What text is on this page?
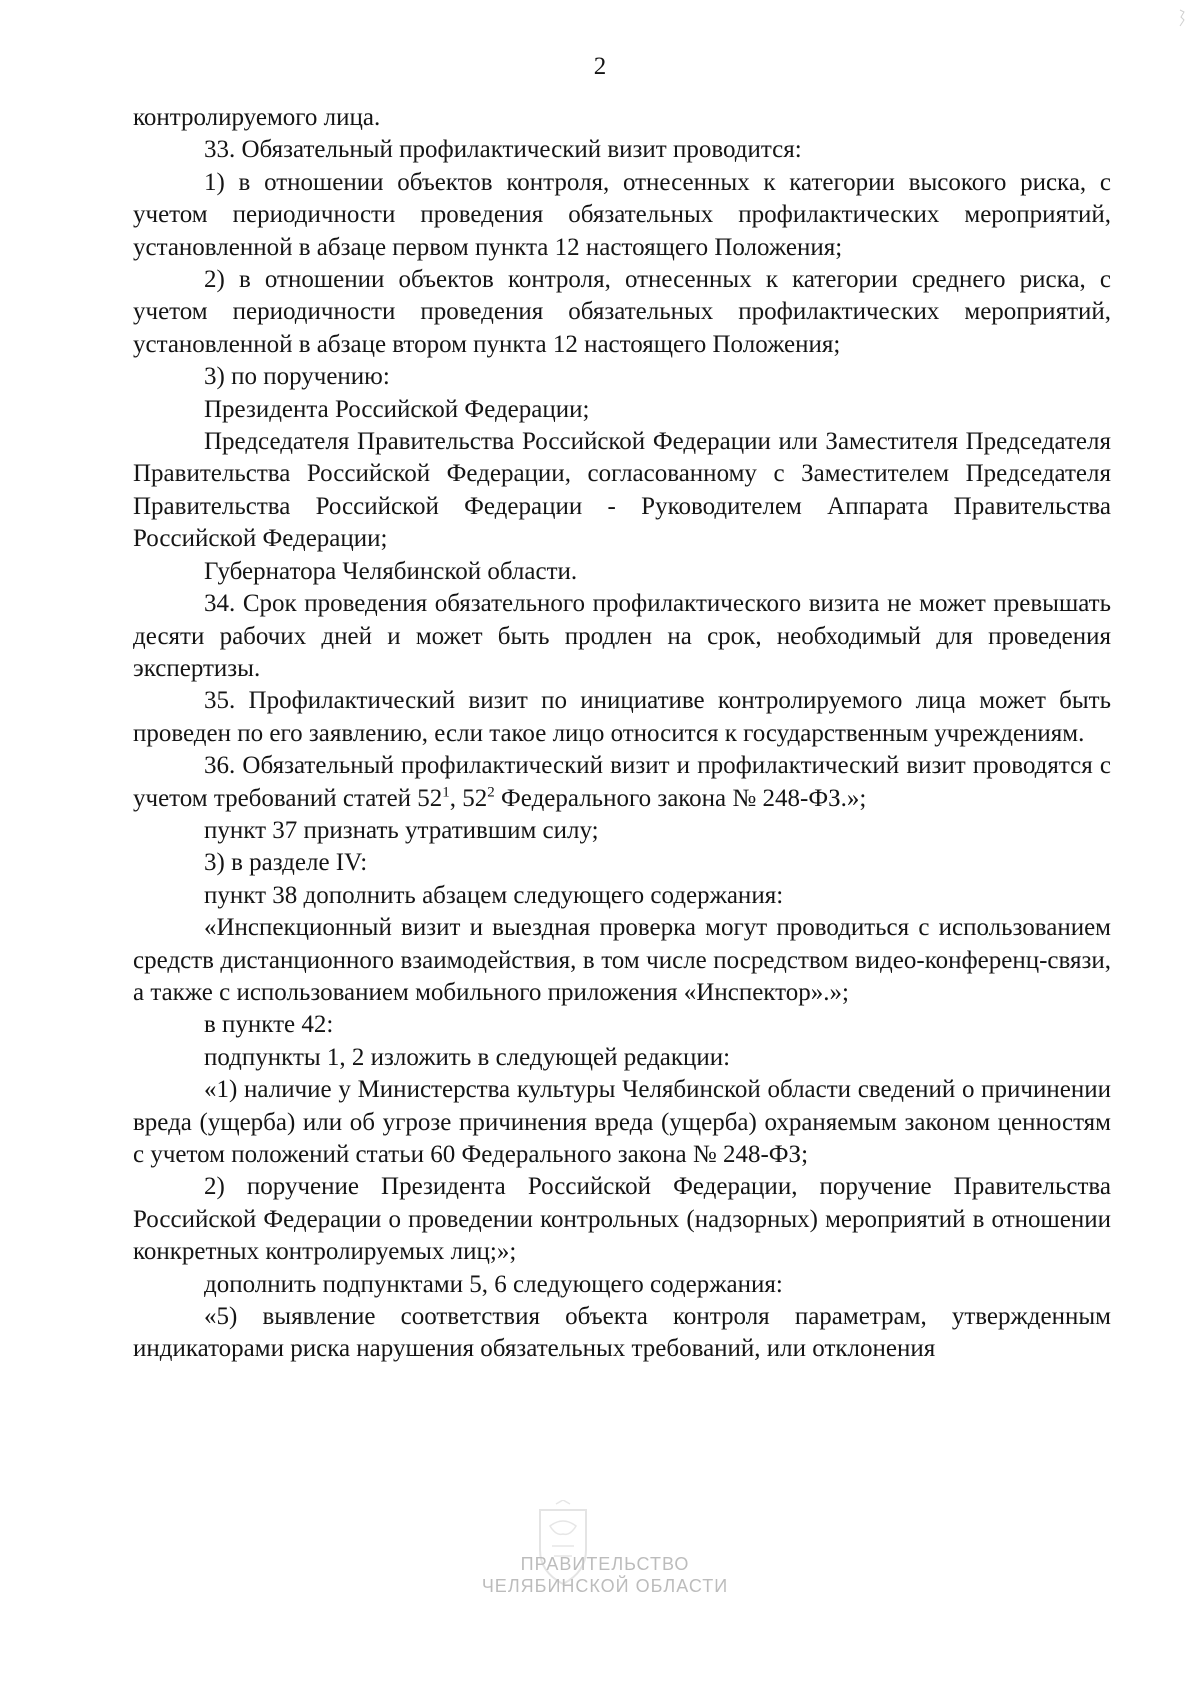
2

контролируемого лица.

33. Обязательный профилактический визит проводится:

1) в отношении объектов контроля, отнесенных к категории высокого риска, с учетом периодичности проведения обязательных профилактических мероприятий, установленной в абзаце первом пункта 12 настоящего Положения;

2) в отношении объектов контроля, отнесенных к категории среднего риска, с учетом периодичности проведения обязательных профилактических мероприятий, установленной в абзаце втором пункта 12 настоящего Положения;

3) по поручению:

Президента Российской Федерации;

Председателя Правительства Российской Федерации или Заместителя Председателя Правительства Российской Федерации, согласованному с Заместителем Председателя Правительства Российской Федерации - Руководителем Аппарата Правительства Российской Федерации;

Губернатора Челябинской области.

34. Срок проведения обязательного профилактического визита не может превышать десяти рабочих дней и может быть продлен на срок, необходимый для проведения экспертизы.

35. Профилактический визит по инициативе контролируемого лица может быть проведен по его заявлению, если такое лицо относится к государственным учреждениям.

36. Обязательный профилактический визит и профилактический визит проводятся с учетом требований статей $52^1$, $52^2$ Федерального закона № 248-ФЗ.»;

пункт 37 признать утратившим силу;

3) в разделе IV:

пункт 38 дополнить абзацем следующего содержания:

«Инспекционный визит и выездная проверка могут проводиться с использованием средств дистанционного взаимодействия, в том числе посредством видео-конференц-связи, а также с использованием мобильного приложения «Инспектор».»;

в пункте 42:

подпункты 1, 2 изложить в следующей редакции:

«1) наличие у Министерства культуры Челябинской области сведений о причинении вреда (ущерба) или об угрозе причинения вреда (ущерба) охраняемым законом ценностям с учетом положений статьи 60 Федерального закона № 248-ФЗ;

2) поручение Президента Российской Федерации, поручение Правительства Российской Федерации о проведении контрольных (надзорных) мероприятий в отношении конкретных контролируемых лиц;»;

дополнить подпунктами 5, 6 следующего содержания:

«5) выявление соответствия объекта контроля параметрам, утвержденным индикаторами риска нарушения обязательных требований, или отклонения

ПРАВИТЕЛЬСТВО
ЧЕЛЯБИНСКОЙ ОБЛАСТИ
